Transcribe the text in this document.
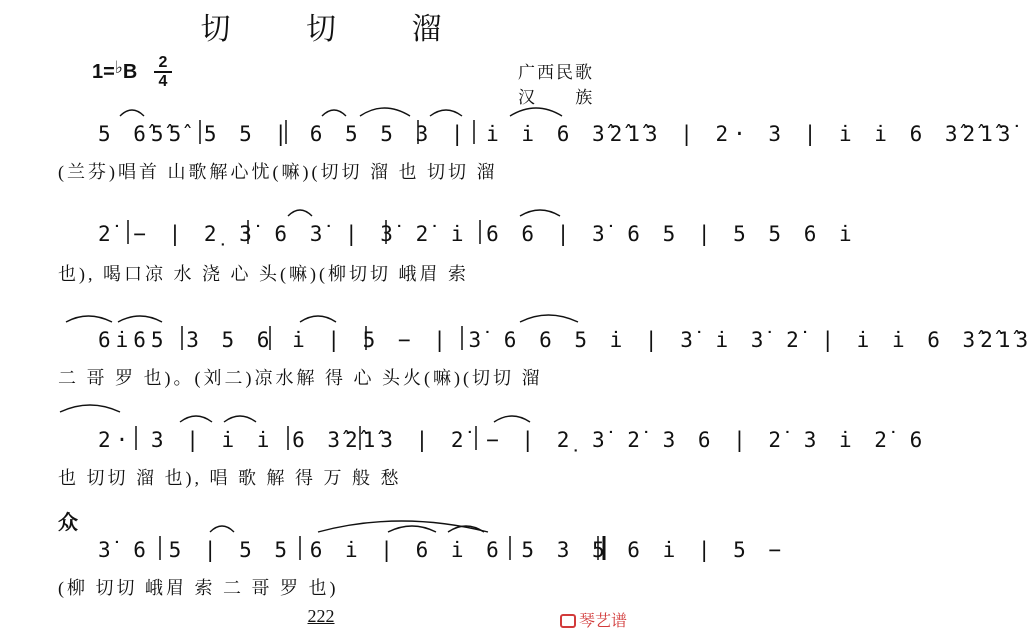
切 切 溜
1=♭B 2
4	广西民歌
汉 族
5 6̂5̂5̂ 5 5 | 6 5 5 3 | i̇ i̇ 6 3̂2̂1̂3 | 2· 3 | i̇ i̇ 6 3̂2̂1̂3̇
(兰芬)唱首 山歌解心忧(嘛)(切切 溜 也 切切 溜
2̇ − | 2̣ 3̇ 6 3̇ | 3̇ 2̇ i̇ 6 6 | 3̇ 6 5 | 5 5 6 i̇
也), 喝口凉 水 浇 心 头(嘛)(柳切切 峨眉 索
6i̇65 3 5 6 i̇ | 5 − | 3̇ 6 6 5 i̇ | 3̇ i̇ 3̇ 2̇ | i̇ i̇ 6 3̂2̂1̂3̇
二 哥 罗 也)。(刘二)凉水解 得 心 头火(嘛)(切切 溜
2· 3 | i̇ i̇ 6 3̂2̂1̂3 | 2̇ − | 2̣ 3̇ 2̇ 3 6 | 2̇ 3 i̇ 2̇ 6
也 切切 溜 也), 唱 歌 解 得 万 般 愁
众
3̇ 6 5 | 5 5 6 i̇ | 6 i̇ 6 5 3 5 6 i̇ | 5 −
(柳 切切 峨眉 索 二 哥 罗 也)
222	琴艺谱
